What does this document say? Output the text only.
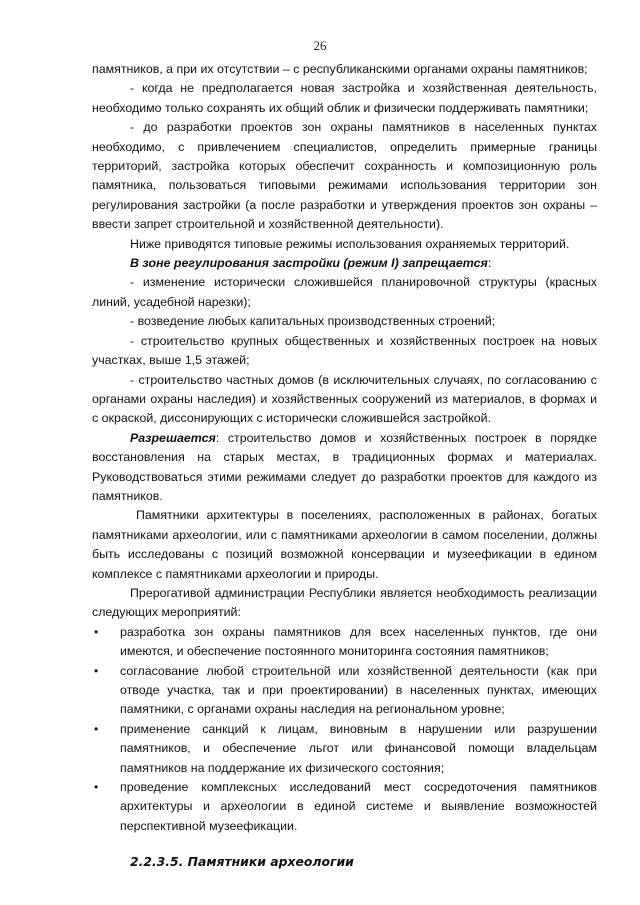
26

памятников, а при их отсутствии – с республиканскими органами охраны памятников;

- когда не предполагается новая застройка и хозяйственная деятельность, необходимо только сохранять их общий облик и физически поддерживать памятники;

- до разработки проектов зон охраны памятников в населенных пунктах необходимо, с привлечением специалистов, определить примерные границы территорий, застройка которых обеспечит сохранность и композиционную роль памятника, пользоваться типовыми режимами использования территории зон регулирования застройки (а после разработки и утверждения проектов зон охраны – ввести запрет строительной и хозяйственной деятельности).

Ниже приводятся типовые режимы использования охраняемых территорий.

В зоне регулирования застройки (режим I) запрещается:

- изменение исторически сложившейся планировочной структуры (красных линий, усадебной нарезки);

- возведение любых капитальных производственных строений;

- строительство крупных общественных и хозяйственных построек на новых участках, выше 1,5 этажей;

- строительство частных домов (в исключительных случаях, по согласованию с органами охраны наследия) и хозяйственных сооружений из материалов, в формах и с окраской, диссонирующих с исторически сложившейся застройкой.

Разрешается: строительство домов и хозяйственных построек в порядке восстановления на старых местах, в традиционных формах и материалах. Руководствоваться этими режимами следует до разработки проектов для каждого из памятников.

Памятники архитектуры в поселениях, расположенных в районах, богатых памятниками археологии, или с памятниками археологии в самом поселении, должны быть исследованы с позиций возможной консервации и музеефикации в едином комплексе с памятниками археологии и природы.

Прерогативой администрации Республики является необходимость реализации следующих мероприятий:

• разработка зон охраны памятников для всех населенных пунктов, где они имеются, и обеспечение постоянного мониторинга состояния памятников;
• согласование любой строительной или хозяйственной деятельности (как при отводе участка, так и при проектировании) в населенных пунктах, имеющих памятники, с органами охраны наследия на региональном уровне;
• применение санкций к лицам, виновным в нарушении или разрушении памятников, и обеспечение льгот или финансовой помощи владельцам памятников на поддержание их физического состояния;
• проведение комплексных исследований мест сосредоточения памятников архитектуры и археологии в единой системе и выявление возможностей перспективной музеефикации.

2.2.3.5. Памятники археологии
